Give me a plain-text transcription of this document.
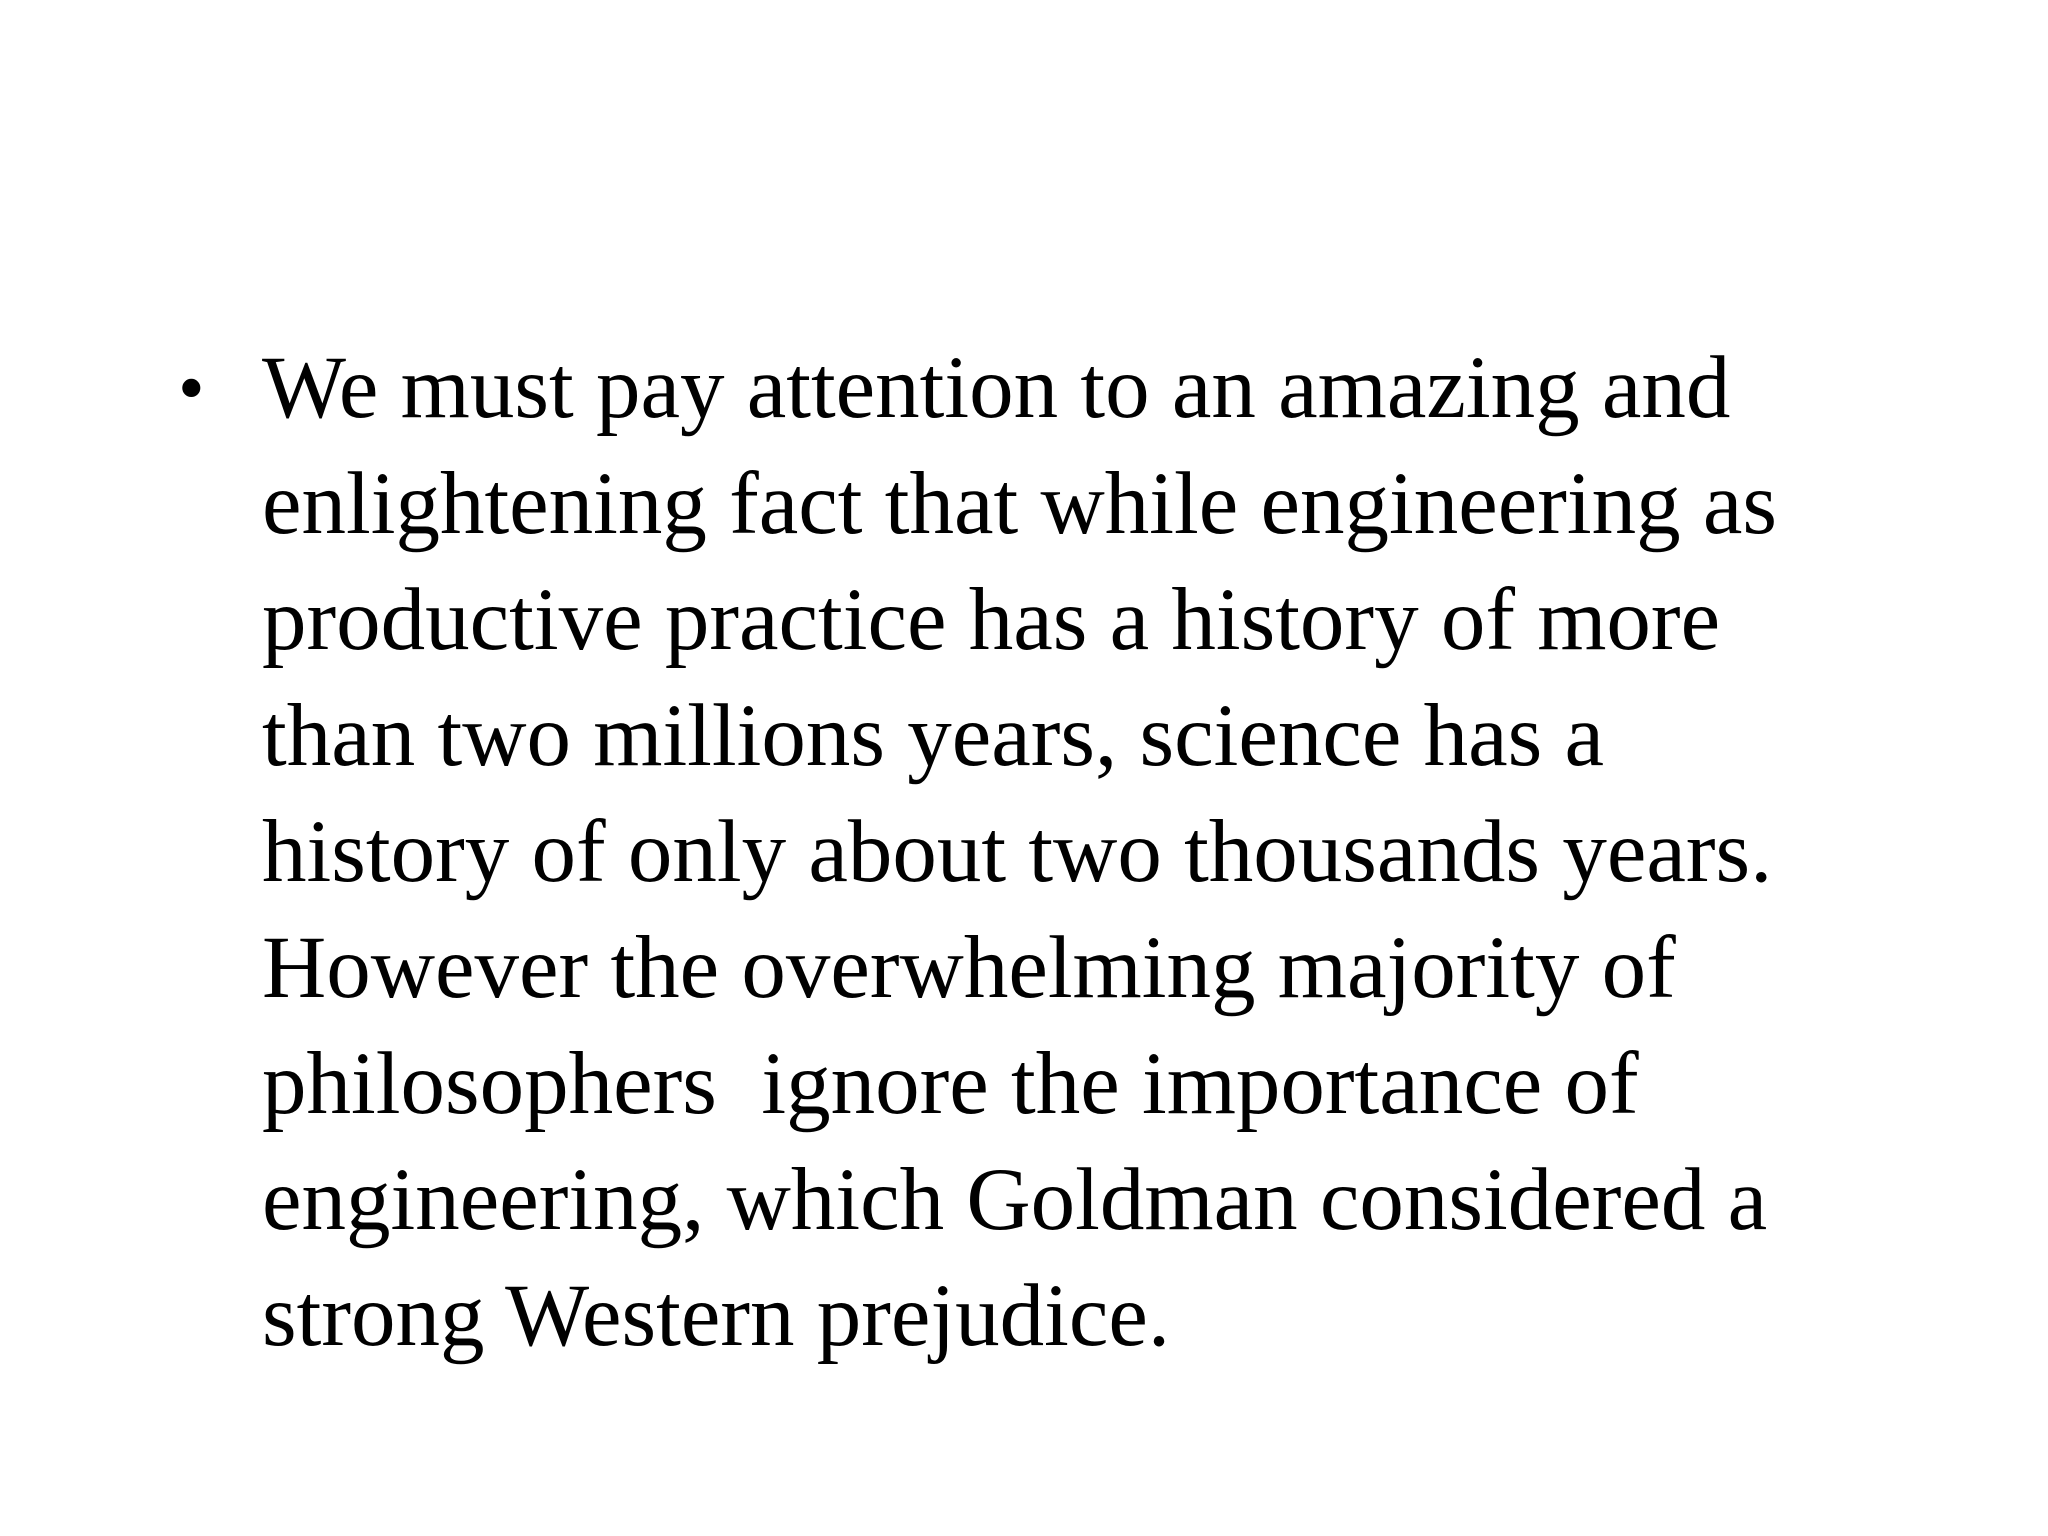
• We must pay attention to an amazing and
enlightening fact that while engineering as
productive practice has a history of more
than two millions years, science has a
history of only about two thousands years.
However the overwhelming majority of
philosophers  ignore the importance of
engineering, which Goldman considered a
strong Western prejudice.
